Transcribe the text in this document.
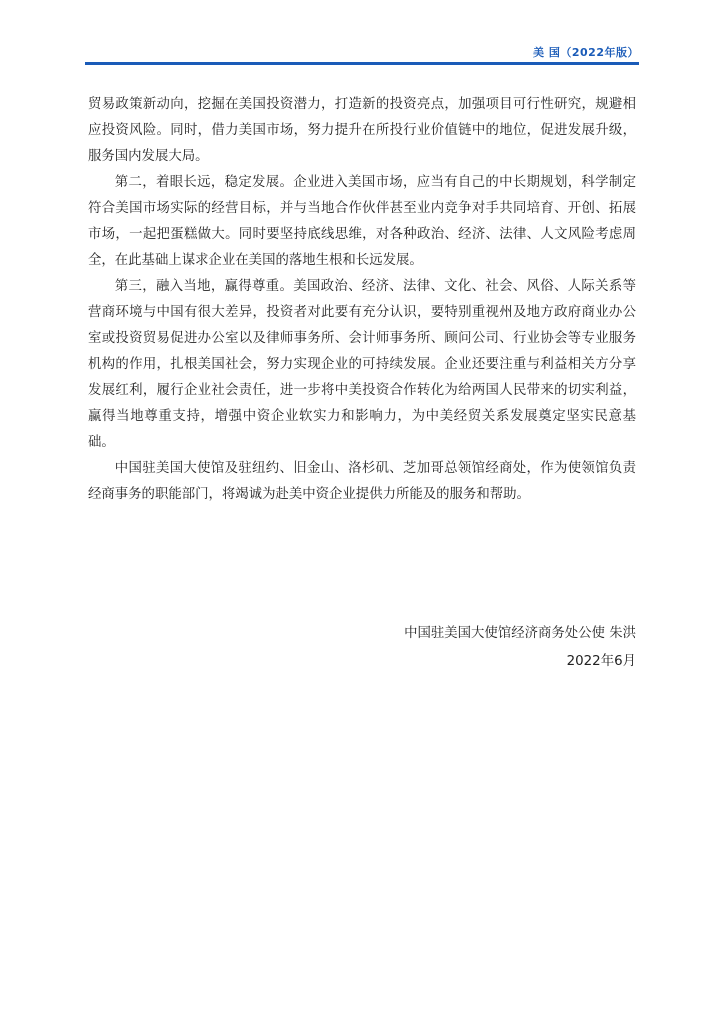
美 国（2022年版）

贸易政策新动向，挖掘在美国投资潜力，打造新的投资亮点，加强项目可行性研究，规避相应投资风险。同时，借力美国市场，努力提升在所投行业价值链中的地位，促进发展升级，服务国内发展大局。

第二，着眼长远，稳定发展。企业进入美国市场，应当有自己的中长期规划，科学制定符合美国市场实际的经营目标，并与当地合作伙伴甚至业内竞争对手共同培育、开创、拓展市场，一起把蛋糕做大。同时要坚持底线思维，对各种政治、经济、法律、人文风险考虑周全，在此基础上谋求企业在美国的落地生根和长远发展。

第三，融入当地，赢得尊重。美国政治、经济、法律、文化、社会、风俗、人际关系等营商环境与中国有很大差异，投资者对此要有充分认识，要特别重视州及地方政府商业办公室或投资贸易促进办公室以及律师事务所、会计师事务所、顾问公司、行业协会等专业服务机构的作用，扎根美国社会，努力实现企业的可持续发展。企业还要注重与利益相关方分享发展红利，履行企业社会责任，进一步将中美投资合作转化为给两国人民带来的切实利益，赢得当地尊重支持，增强中资企业软实力和影响力，为中美经贸关系发展奠定坚实民意基础。

中国驻美国大使馆及驻纽约、旧金山、洛杉矶、芝加哥总领馆经商处，作为使领馆负责经商事务的职能部门，将竭诚为赴美中资企业提供力所能及的服务和帮助。

中国驻美国大使馆经济商务处公使 朱洪
2022年6月
